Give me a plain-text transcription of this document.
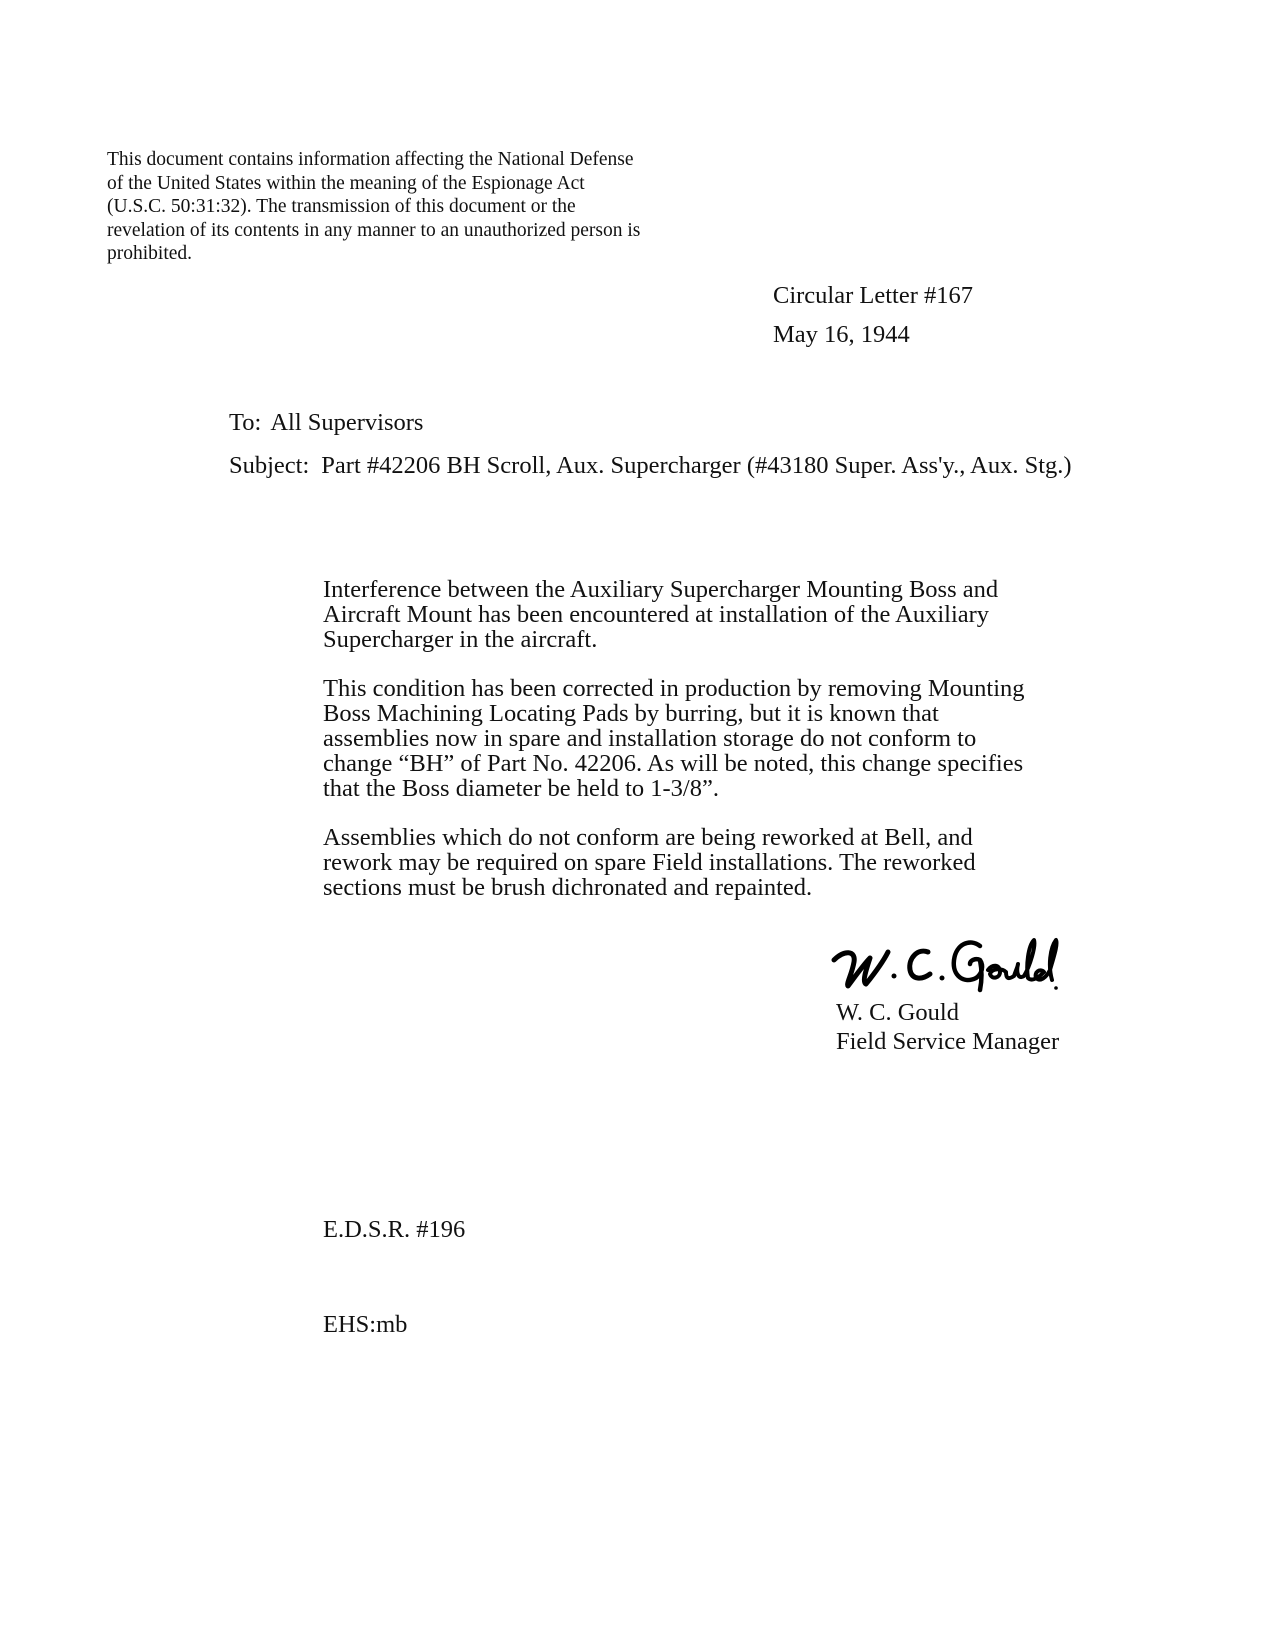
This document contains information affecting the National Defense
of the United States within the meaning of the Espionage Act
(U.S.C. 50:31:32). The transmission of this document or the
revelation of its contents in any manner to an unauthorized person is
prohibited.
Circular Letter #167
May 16, 1944
To: All Supervisors
Subject: Part #42206 BH Scroll, Aux. Supercharger (#43180 Super. Ass'y., Aux. Stg.)
Interference between the Auxiliary Supercharger Mounting Boss and
Aircraft Mount has been encountered at installation of the Auxiliary
Supercharger in the aircraft.
This condition has been corrected in production by removing Mounting
Boss Machining Locating Pads by burring, but it is known that
assemblies now in spare and installation storage do not conform to
change “BH” of Part No. 42206. As will be noted, this change specifies
that the Boss diameter be held to 1-3/8”.
Assemblies which do not conform are being reworked at Bell, and
rework may be required on spare Field installations. The reworked
sections must be brush dichronated and repainted.
W. C. Gould
Field Service Manager
E.D.S.R. #196
EHS:mb
